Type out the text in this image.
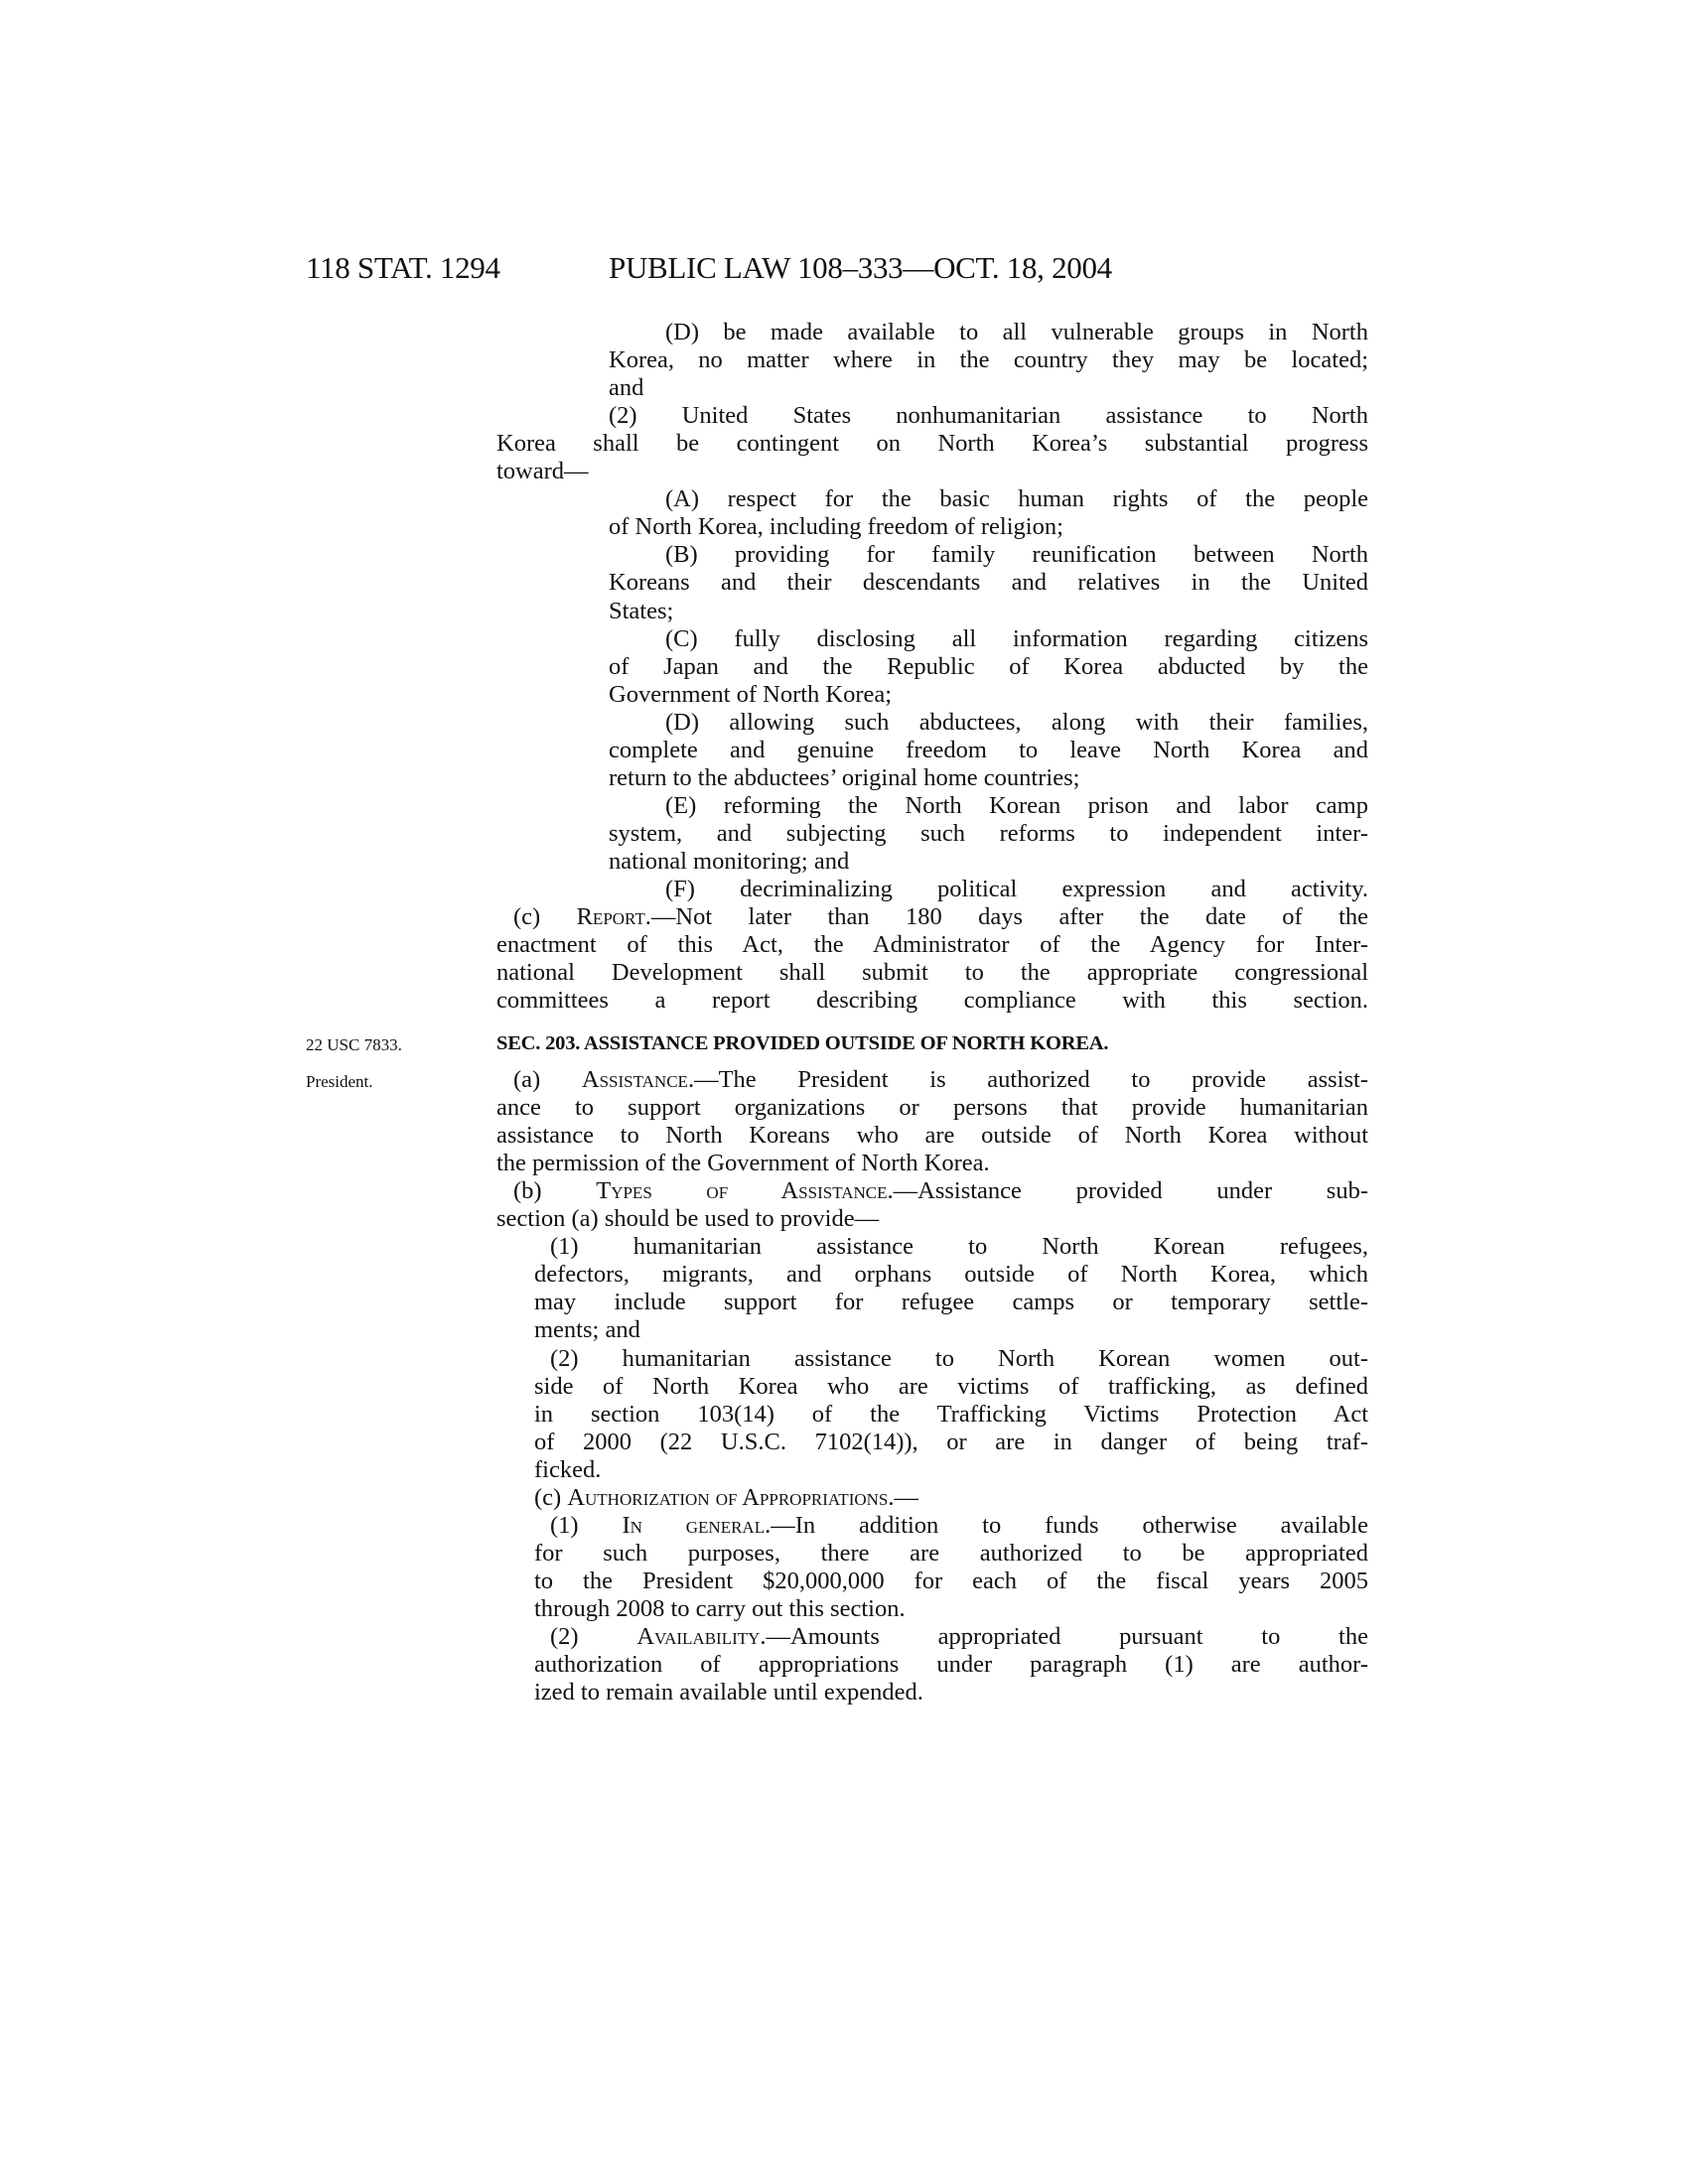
118 STAT. 1294	PUBLIC LAW 108–333—OCT. 18, 2004
22 USC 7833.
President.
SEC. 203. ASSISTANCE PROVIDED OUTSIDE OF NORTH KOREA.
(D) be made available to all vulnerable groups in North
Korea, no matter where in the country they may be located;
and
(2) United States nonhumanitarian assistance to North
Korea shall be contingent on North Korea’s substantial progress
toward—
(A) respect for the basic human rights of the people
of North Korea, including freedom of religion;
(B) providing for family reunification between North
Koreans and their descendants and relatives in the United
States;
(C) fully disclosing all information regarding citizens
of Japan and the Republic of Korea abducted by the
Government of North Korea;
(D) allowing such abductees, along with their families,
complete and genuine freedom to leave North Korea and
return to the abductees’ original home countries;
(E) reforming the North Korean prison and labor camp
system, and subjecting such reforms to independent inter-
national monitoring; and
(F) decriminalizing political expression and activity.
(c) Report.—Not later than 180 days after the date of the
enactment of this Act, the Administrator of the Agency for Inter-
national Development shall submit to the appropriate congressional
committees a report describing compliance with this section.
(a) Assistance.—The President is authorized to provide assist-
ance to support organizations or persons that provide humanitarian
assistance to North Koreans who are outside of North Korea without
the permission of the Government of North Korea.
(b) Types of Assistance.—Assistance provided under sub-
section (a) should be used to provide—
(1) humanitarian assistance to North Korean refugees,
defectors, migrants, and orphans outside of North Korea, which
may include support for refugee camps or temporary settle-
ments; and
(2) humanitarian assistance to North Korean women out-
side of North Korea who are victims of trafficking, as defined
in section 103(14) of the Trafficking Victims Protection Act
of 2000 (22 U.S.C. 7102(14)), or are in danger of being traf-
ficked.
(c) Authorization of Appropriations.—
(1) In general.—In addition to funds otherwise available
for such purposes, there are authorized to be appropriated
to the President $20,000,000 for each of the fiscal years 2005
through 2008 to carry out this section.
(2) Availability.—Amounts appropriated pursuant to the
authorization of appropriations under paragraph (1) are author-
ized to remain available until expended.
